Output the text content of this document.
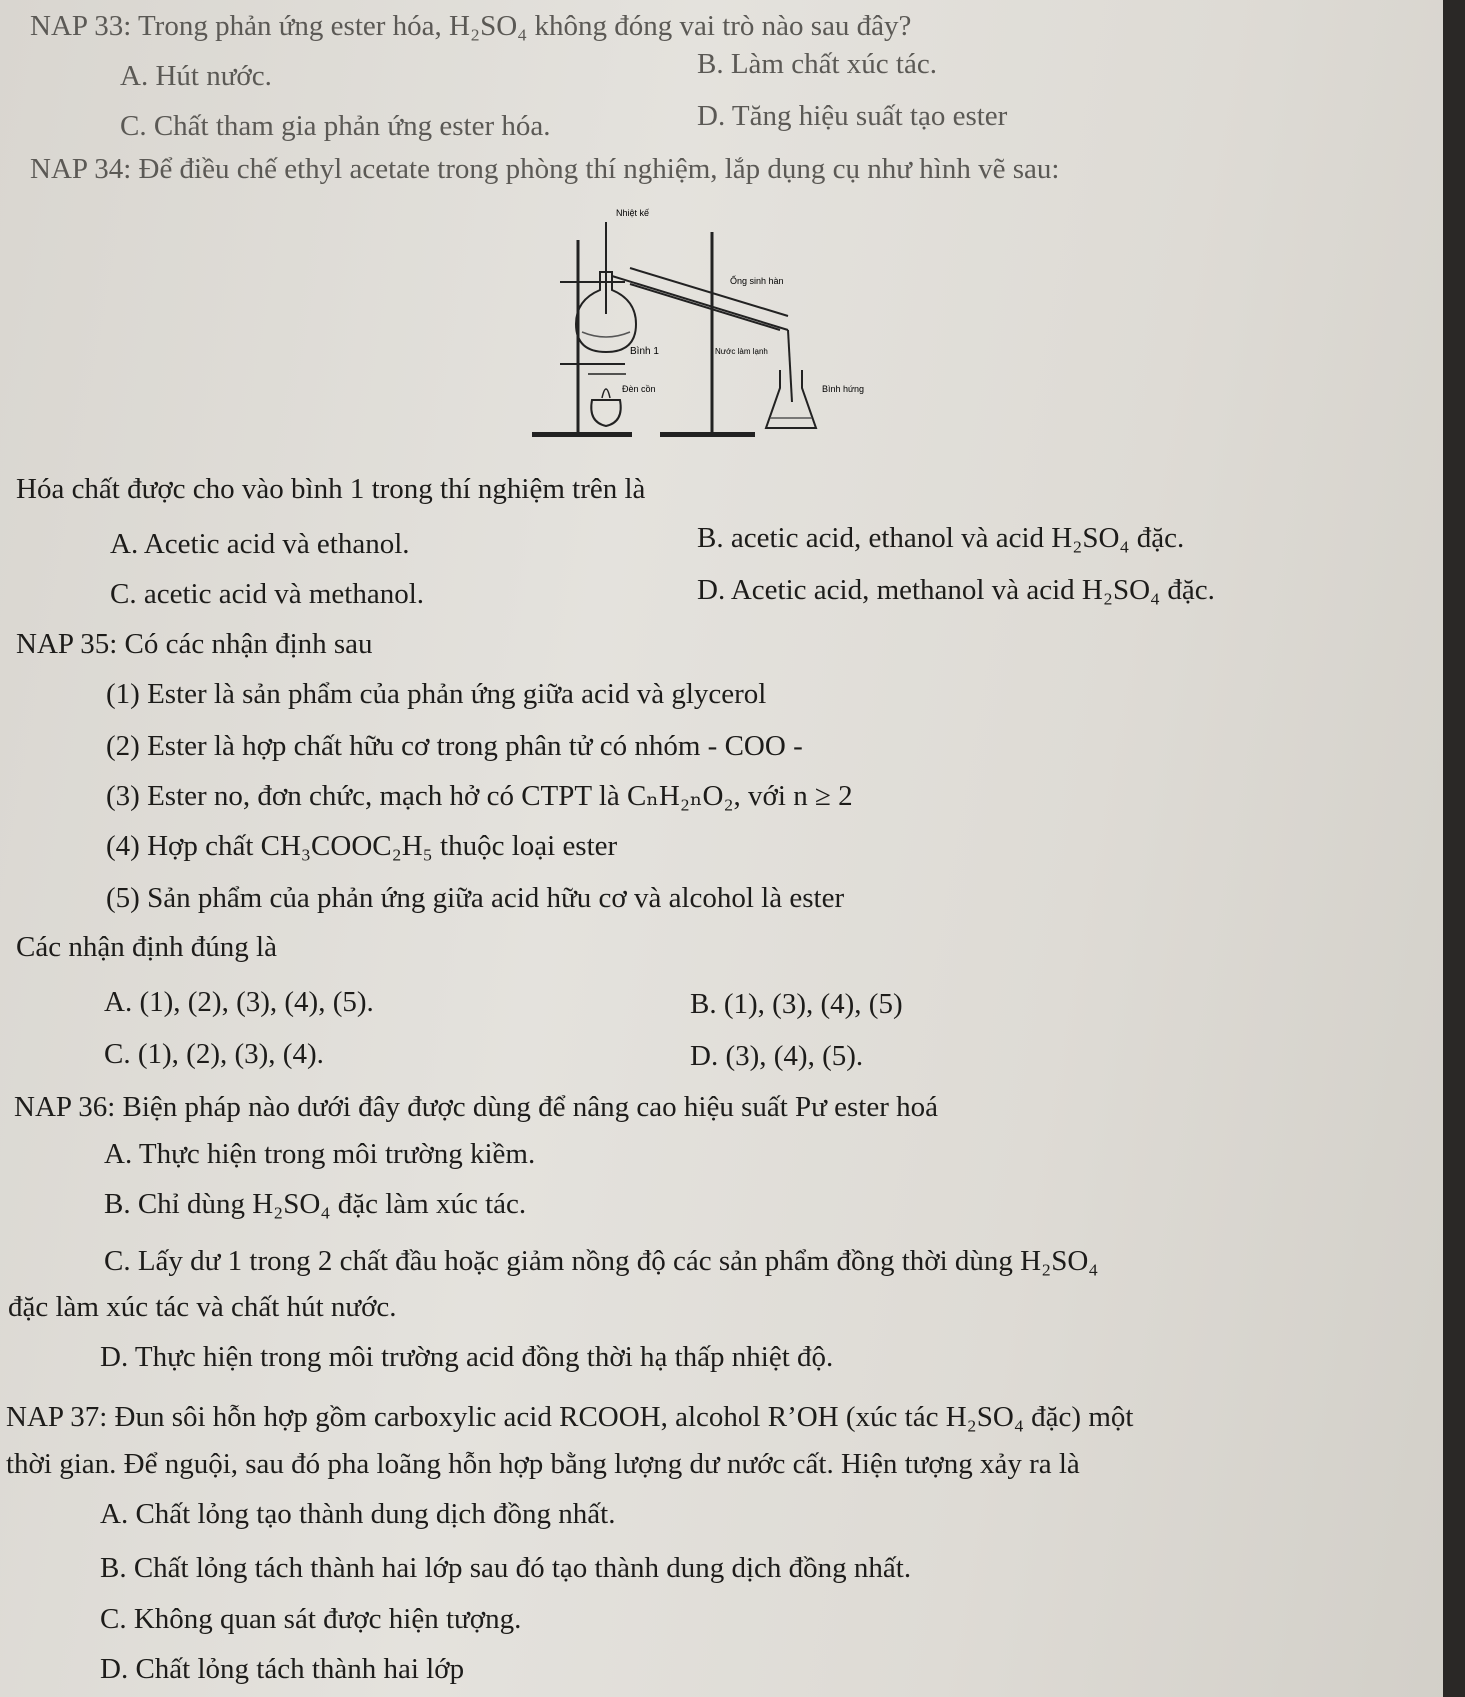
NAP 33: Trong phản ứng ester hóa, H₂SO₄ không đóng vai trò nào sau đây?
A. Hút nước.	B. Làm chất xúc tác.
C. Chất tham gia phản ứng ester hóa.	D. Tăng hiệu suất tạo ester
NAP 34: Để điều chế ethyl acetate trong phòng thí nghiệm, lắp dụng cụ như hình vẽ sau:
Nhiệt kế
Bình 1
Đèn cồn
Ống sinh hàn
Nước làm lạnh
Bình hứng
Hóa chất được cho vào bình 1 trong thí nghiệm trên là
A. Acetic acid và ethanol.	B. acetic acid, ethanol và acid H₂SO₄ đặc.
C. acetic acid và methanol.	D. Acetic acid, methanol và acid H₂SO₄ đặc.
NAP 35: Có các nhận định sau
(1) Ester là sản phẩm của phản ứng giữa acid và glycerol
(2) Ester là hợp chất hữu cơ trong phân tử có nhóm - COO -
(3) Ester no, đơn chức, mạch hở có CTPT là CₙH₂ₙO₂, với n ≥ 2
(4) Hợp chất CH₃COOC₂H₅ thuộc loại ester
(5) Sản phẩm của phản ứng giữa acid hữu cơ và alcohol là ester
Các nhận định đúng là
A. (1), (2), (3), (4), (5).	B. (1), (3), (4), (5)
C. (1), (2), (3), (4).	D. (3), (4), (5).
NAP 36: Biện pháp nào dưới đây được dùng để nâng cao hiệu suất Pư ester hoá
A. Thực hiện trong môi trường kiềm.
B. Chỉ dùng H₂SO₄ đặc làm xúc tác.
C. Lấy dư 1 trong 2 chất đầu hoặc giảm nồng độ các sản phẩm đồng thời dùng H₂SO₄
đặc làm xúc tác và chất hút nước.
D. Thực hiện trong môi trường acid đồng thời hạ thấp nhiệt độ.
NAP 37: Đun sôi hỗn hợp gồm carboxylic acid RCOOH, alcohol R’OH (xúc tác H₂SO₄ đặc) một
thời gian. Để nguội, sau đó pha loãng hỗn hợp bằng lượng dư nước cất. Hiện tượng xảy ra là
A. Chất lỏng tạo thành dung dịch đồng nhất.
B. Chất lỏng tách thành hai lớp sau đó tạo thành dung dịch đồng nhất.
C. Không quan sát được hiện tượng.
D. Chất lỏng tách thành hai lớp
